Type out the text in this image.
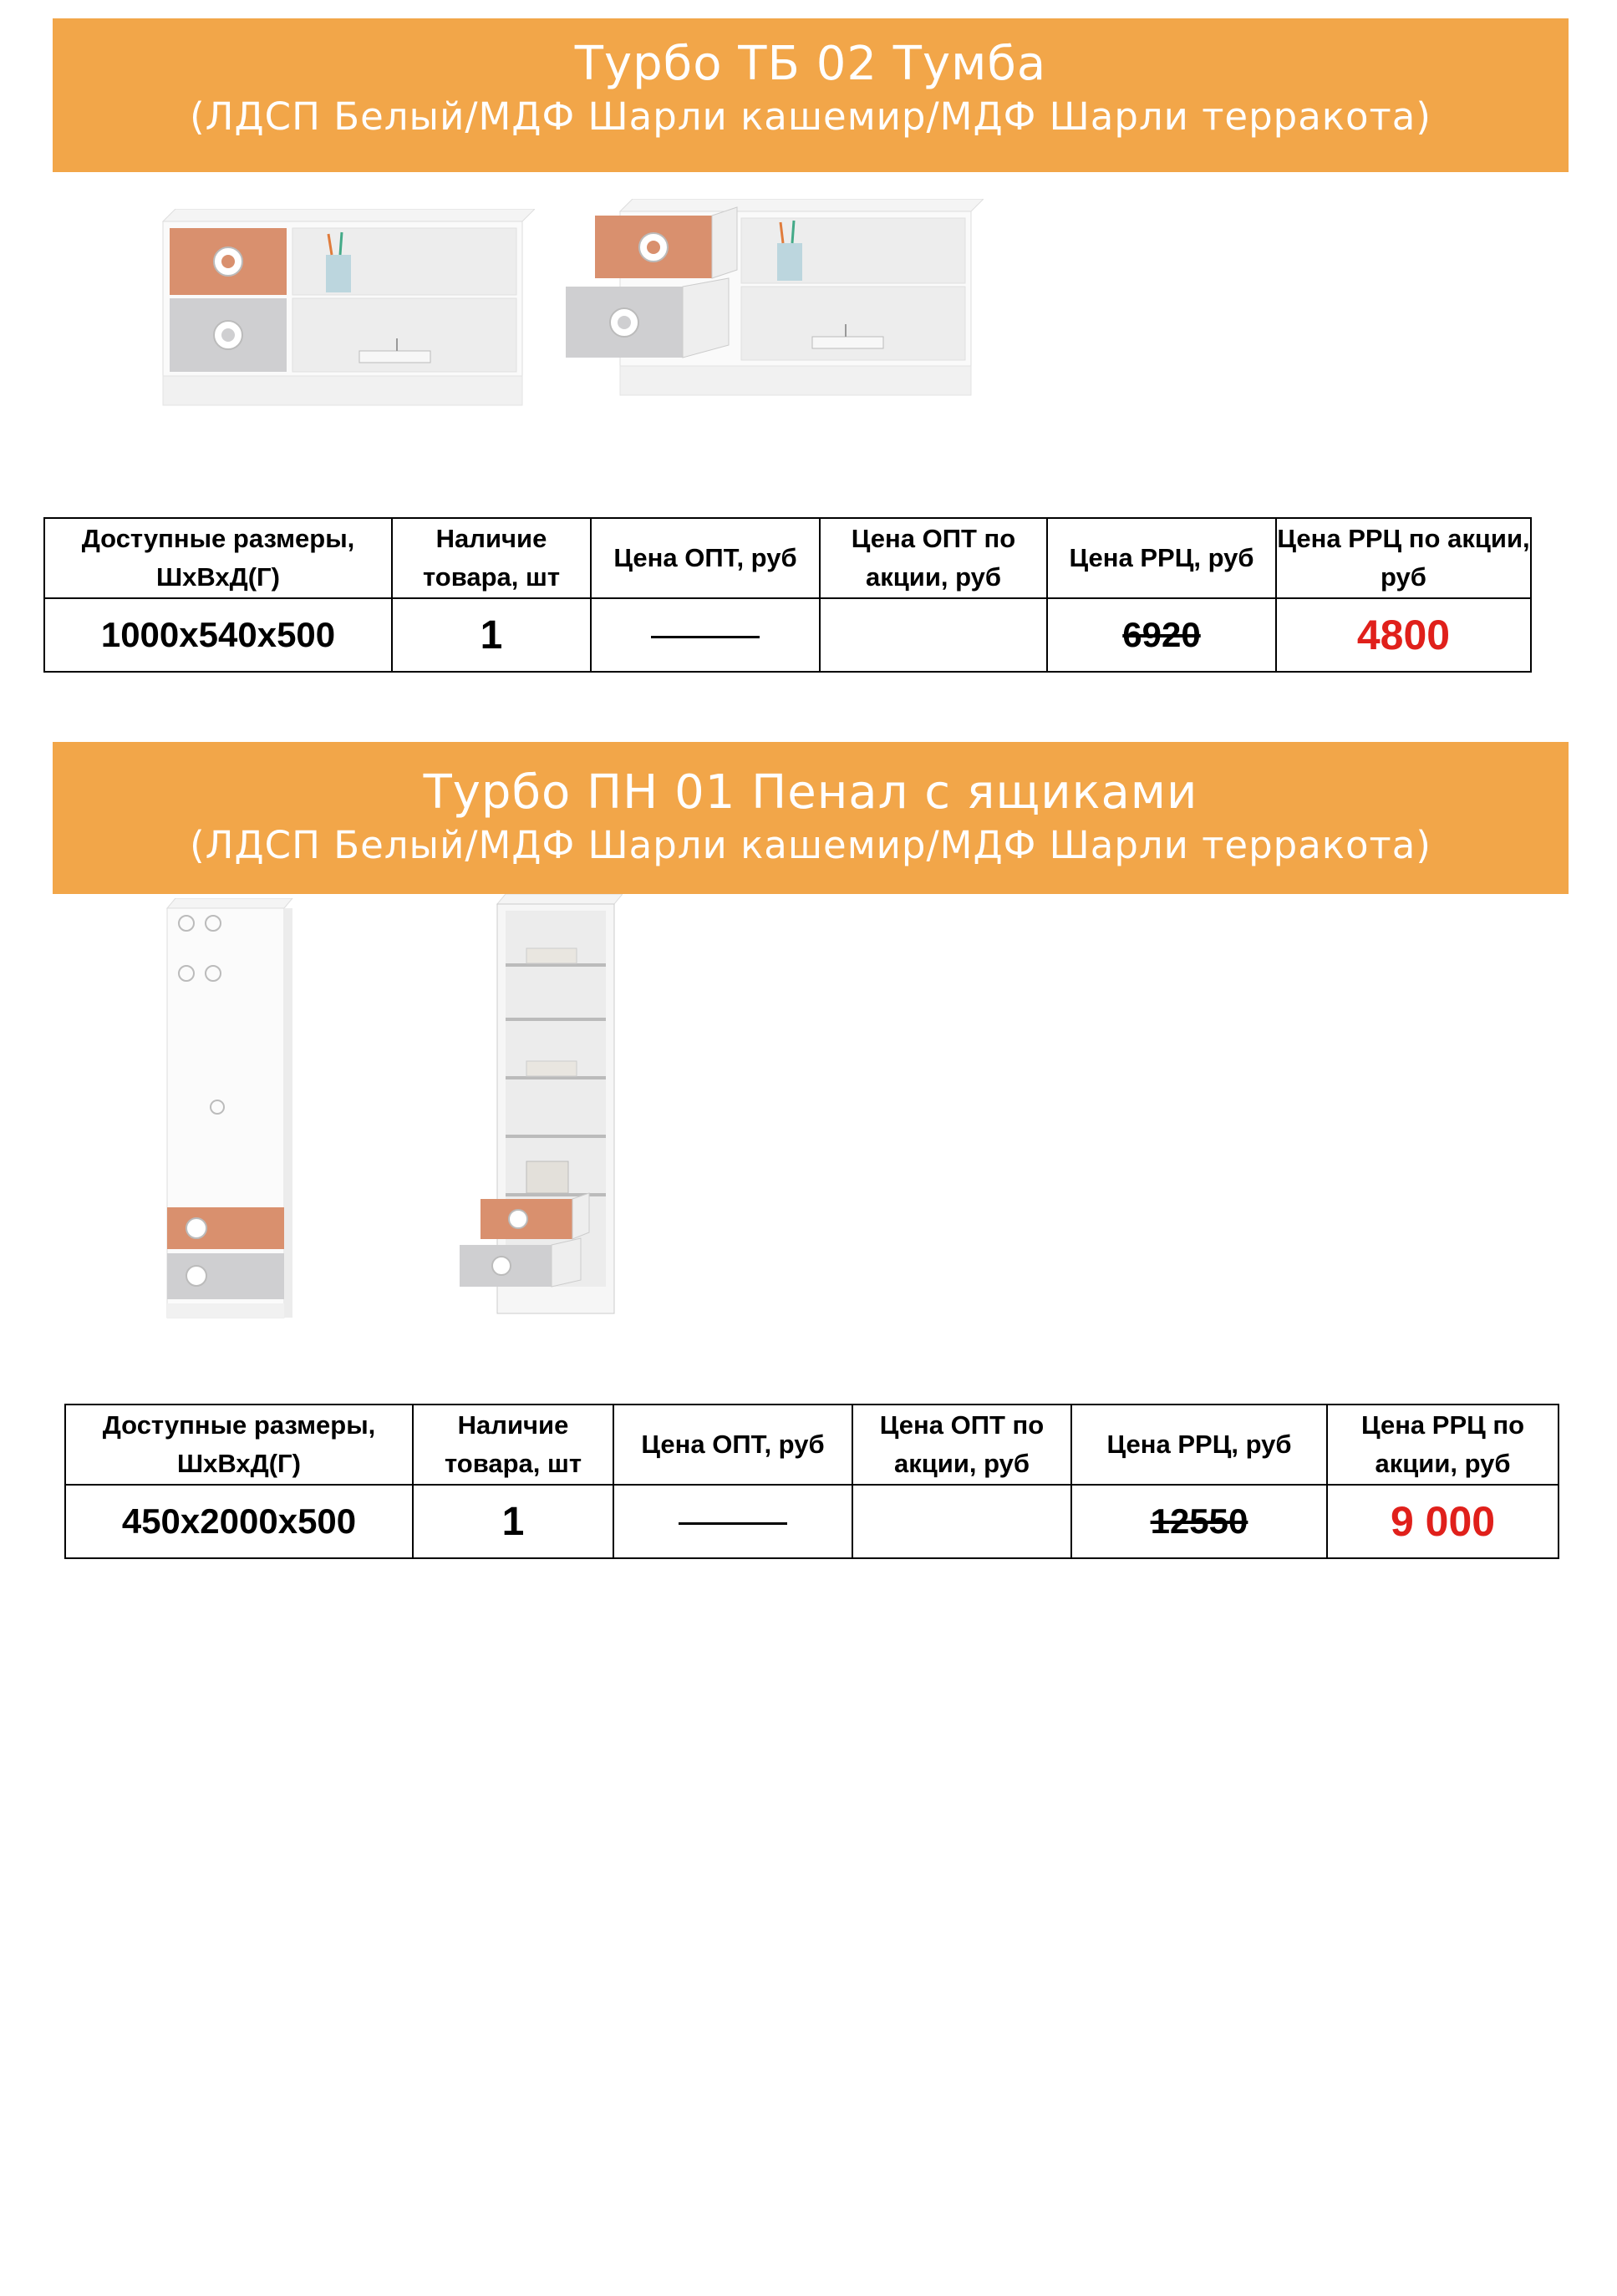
Турбо ТБ 02 Тумба
(ЛДСП Белый/МДФ Шарли кашемир/МДФ Шарли терракота)
Доступные размеры, ШхВхД(Г)	Наличие товара, шт	Цена ОПТ, руб	Цена ОПТ по акции, руб	Цена РРЦ, руб	Цена РРЦ по акции, руб
1000x540x500	1			6920	4800
Турбо ПН 01 Пенал с ящиками
(ЛДСП Белый/МДФ Шарли кашемир/МДФ Шарли терракота)
Доступные размеры, ШхВхД(Г)	Наличие товара, шт	Цена ОПТ, руб	Цена ОПТ по акции, руб	Цена РРЦ, руб	Цена РРЦ по акции, руб
450x2000x500	1			12550	9 000
